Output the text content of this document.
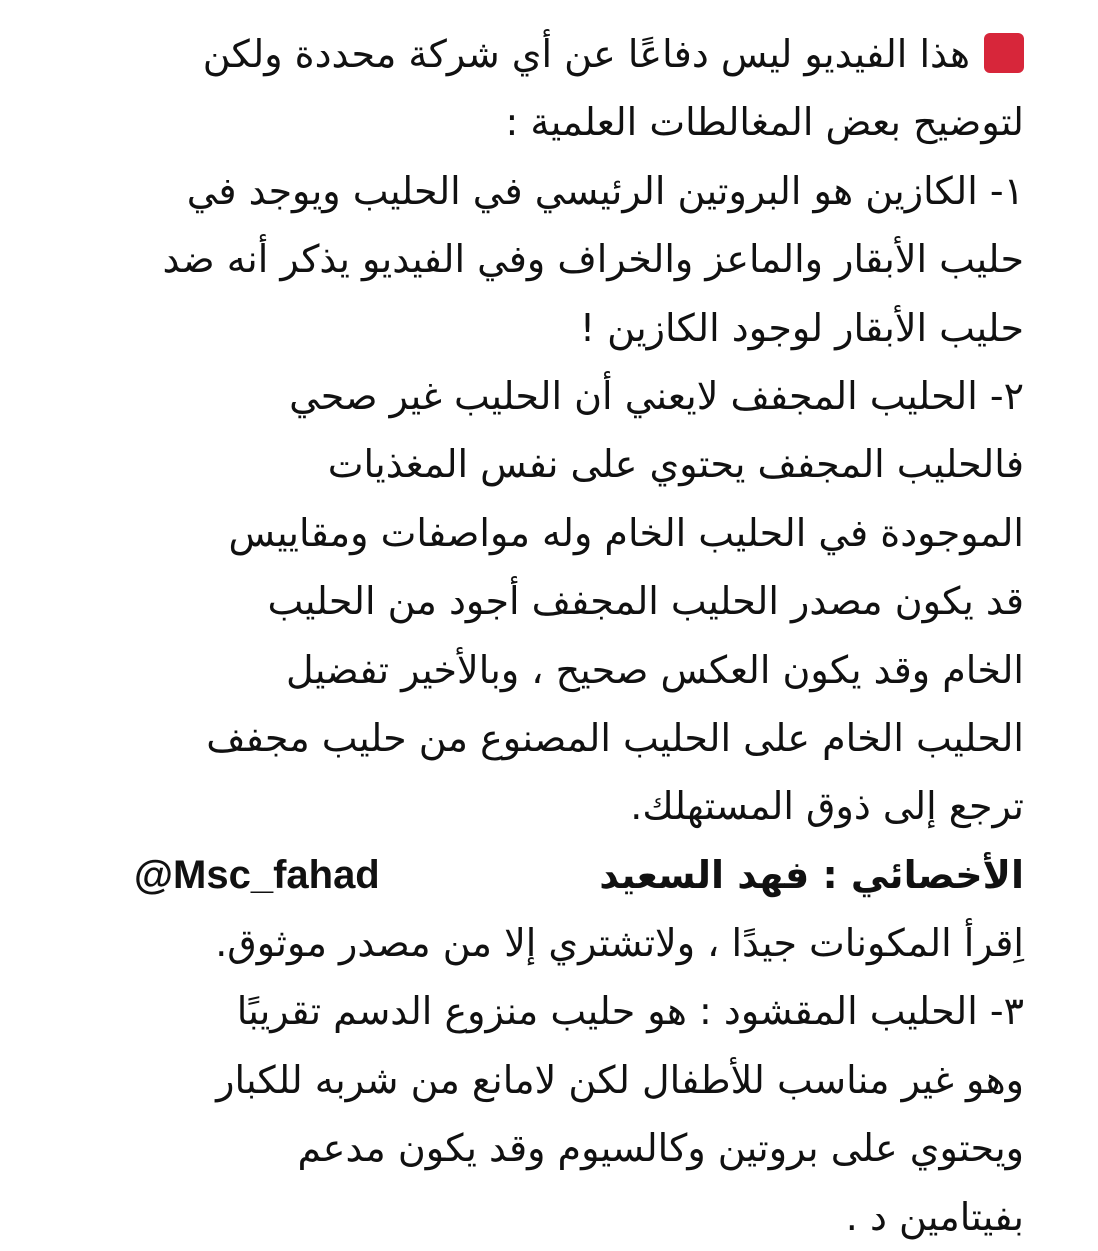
هذا الفيديو ليس دفاعًا عن أي شركة محددة ولكن
لتوضيح بعض المغالطات العلمية :
١- الكازين هو البروتين الرئيسي في الحليب ويوجد في
حليب الأبقار والماعز والخراف وفي الفيديو يذكر أنه ضد
حليب الأبقار لوجود الكازين !
٢- الحليب المجفف لايعني أن الحليب غير صحي
فالحليب المجفف يحتوي على نفس المغذيات
الموجودة في الحليب الخام وله مواصفات ومقاييس
قد يكون مصدر الحليب المجفف أجود من الحليب
الخام وقد يكون العكس صحيح ، وبالأخير تفضيل
الحليب الخام على الحليب المصنوع من حليب مجفف
ترجع إلى ذوق المستهلك.
الأخصائي : فهد السعيد
@Msc_fahad
اِقرأ المكونات جيدًا ، ولاتشتري إلا من مصدر موثوق.
٣- الحليب المقشود : هو حليب منزوع الدسم تقريبًا
وهو غير مناسب للأطفال لكن لامانع من شربه للكبار
ويحتوي على بروتين وكالسيوم وقد يكون مدعم
بفيتامين د .
